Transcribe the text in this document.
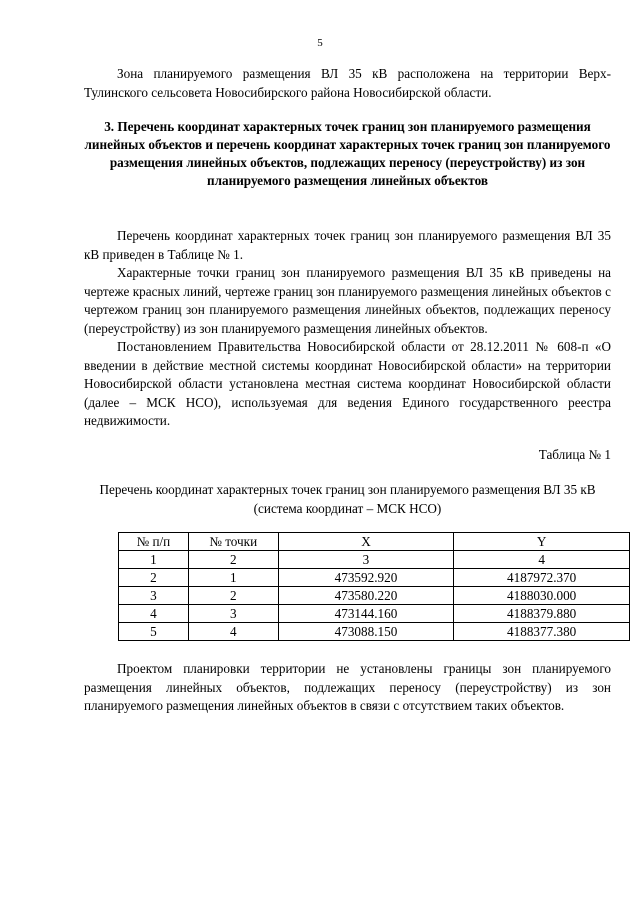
5

Зона планируемого размещения ВЛ 35 кВ расположена на территории Верх-Тулинского сельсовета Новосибирского района Новосибирской области.

3. Перечень координат характерных точек границ зон планируемого размещения линейных объектов и перечень координат характерных точек границ зон планируемого размещения линейных объектов, подлежащих переносу (переустройству) из зон планируемого размещения линейных объектов

Перечень координат характерных точек границ зон планируемого размещения ВЛ 35 кВ приведен в Таблице № 1.

Характерные точки границ зон планируемого размещения ВЛ 35 кВ приведены на чертеже красных линий, чертеже границ зон планируемого размещения линейных объектов с чертежом границ зон планируемого размещения линейных объектов, подлежащих переносу (переустройству) из зон планируемого размещения линейных объектов.

Постановлением Правительства Новосибирской области от 28.12.2011 № 608-п «О введении в действие местной системы координат Новосибирской области» на территории Новосибирской области установлена местная система координат Новосибирской области (далее – МСК НСО), используемая для ведения Единого государственного реестра недвижимости.

Таблица № 1

Перечень координат характерных точек границ зон планируемого размещения ВЛ 35 кВ (система координат – МСК НСО)

№ п/п	№ точки	X	Y
1	2	3	4
2	1	473592.920	4187972.370
3	2	473580.220	4188030.000
4	3	473144.160	4188379.880
5	4	473088.150	4188377.380

Проектом планировки территории не установлены границы зон планируемого размещения линейных объектов, подлежащих переносу (переустройству) из зон планируемого размещения линейных объектов в связи с отсутствием таких объектов.
